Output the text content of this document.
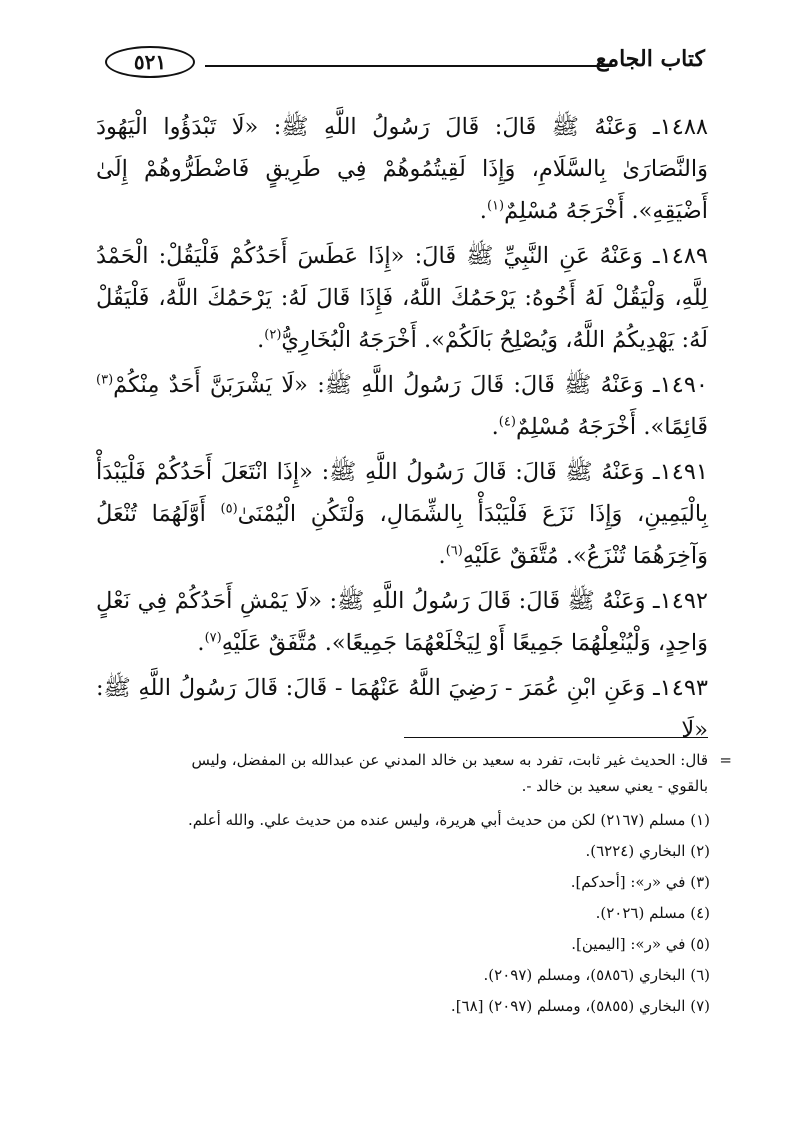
كتاب الجامع
٥٢١

١٤٨٨ـ وَعَنْهُ ﷺ قَالَ: قَالَ رَسُولُ اللَّهِ ﷺ: «لَا تَبْدَؤُوا الْيَهُودَ وَالنَّصَارَىٰ بِالسَّلَامِ، وَإِذَا لَقِيتُمُوهُمْ فِي طَرِيقٍ فَاضْطَرُّوهُمْ إِلَىٰ أَضْيَقِهِ». أَخْرَجَهُ مُسْلِمٌ$^{(١)}$.

١٤٨٩ـ وَعَنْهُ عَنِ النَّبِيِّ ﷺ قَالَ: «إِذَا عَطَسَ أَحَدُكُمْ فَلْيَقُلْ: الْحَمْدُ لِلَّهِ، وَلْيَقُلْ لَهُ أَخُوهُ: يَرْحَمُكَ اللَّهُ، فَإِذَا قَالَ لَهُ: يَرْحَمُكَ اللَّهُ، فَلْيَقُلْ لَهُ: يَهْدِيكُمُ اللَّهُ، وَيُصْلِحُ بَالَكُمْ». أَخْرَجَهُ الْبُخَارِيُّ$^{(٢)}$.

١٤٩٠ـ وَعَنْهُ ﷺ قَالَ: قَالَ رَسُولُ اللَّهِ ﷺ: «لَا يَشْرَبَنَّ أَحَدٌ مِنْكُمْ$^{(٣)}$ قَائِمًا». أَخْرَجَهُ مُسْلِمٌ$^{(٤)}$.

١٤٩١ـ وَعَنْهُ ﷺ قَالَ: قَالَ رَسُولُ اللَّهِ ﷺ: «إِذَا انْتَعَلَ أَحَدُكُمْ فَلْيَبْدَأْ بِالْيَمِينِ، وَإِذَا نَزَعَ فَلْيَبْدَأْ بِالشِّمَالِ، وَلْتَكُنِ الْيُمْنَىٰ$^{(٥)}$ أَوَّلَهُمَا تُنْعَلُ وَآخِرَهُمَا تُنْزَعُ». مُتَّفَقٌ عَلَيْهِ$^{(٦)}$.

١٤٩٢ـ وَعَنْهُ ﷺ قَالَ: قَالَ رَسُولُ اللَّهِ ﷺ: «لَا يَمْشِ أَحَدُكُمْ فِي نَعْلٍ وَاحِدٍ، وَلْيُنْعِلْهُمَا جَمِيعًا أَوْ لِيَخْلَعْهُمَا جَمِيعًا». مُتَّفَقٌ عَلَيْهِ$^{(٧)}$.

١٤٩٣ـ وَعَنِ ابْنِ عُمَرَ - رَضِيَ اللَّهُ عَنْهُمَا - قَالَ: قَالَ رَسُولُ اللَّهِ ﷺ: «لَا

=
قال: الحديث غير ثابت، تفرد به سعيد بن خالد المدني عن عبدالله بن المفضل، وليس بالقوي - يعني سعيد بن خالد -.
(١) مسلم (٢١٦٧) لكن من حديث أبي هريرة، وليس عنده من حديث علي. والله أعلم.
(٢) البخاري (٦٢٢٤).
(٣) في «ر»: [أحدكم].
(٤) مسلم (٢٠٢٦).
(٥) في «ر»: [اليمين].
(٦) البخاري (٥٨٥٦)، ومسلم (٢٠٩٧).
(٧) البخاري (٥٨٥٥)، ومسلم (٢٠٩٧) [٦٨].
